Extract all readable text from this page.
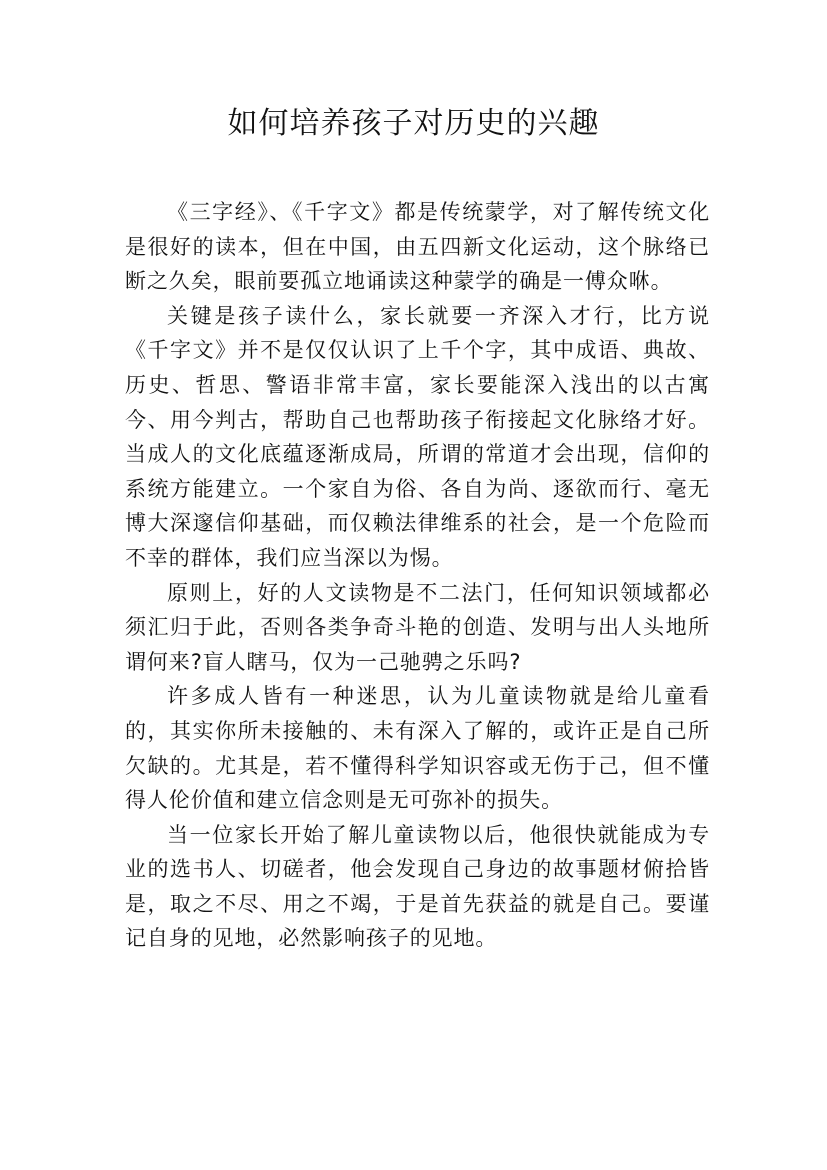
如何培养孩子对历史的兴趣

《三字经》、《千字文》都是传统蒙学，对了解传统文化是很好的读本，但在中国，由五四新文化运动，这个脉络已断之久矣，眼前要孤立地诵读这种蒙学的确是一傅众咻。

关键是孩子读什么，家长就要一齐深入才行，比方说《千字文》并不是仅仅认识了上千个字，其中成语、典故、历史、哲思、警语非常丰富，家长要能深入浅出的以古寓今、用今判古，帮助自己也帮助孩子衔接起文化脉络才好。当成人的文化底蕴逐渐成局，所谓的常道才会出现，信仰的系统方能建立。一个家自为俗、各自为尚、逐欲而行、毫无博大深邃信仰基础，而仅赖法律维系的社会，是一个危险而不幸的群体，我们应当深以为惕。

原则上，好的人文读物是不二法门，任何知识领域都必须汇归于此，否则各类争奇斗艳的创造、发明与出人头地所谓何来?盲人瞎马，仅为一己驰骋之乐吗?

许多成人皆有一种迷思，认为儿童读物就是给儿童看的，其实你所未接触的、未有深入了解的，或许正是自己所欠缺的。尤其是，若不懂得科学知识容或无伤于己，但不懂得人伦价值和建立信念则是无可弥补的损失。

当一位家长开始了解儿童读物以后，他很快就能成为专业的选书人、切磋者，他会发现自己身边的故事题材俯拾皆是，取之不尽、用之不竭，于是首先获益的就是自己。要谨记自身的见地，必然影响孩子的见地。
